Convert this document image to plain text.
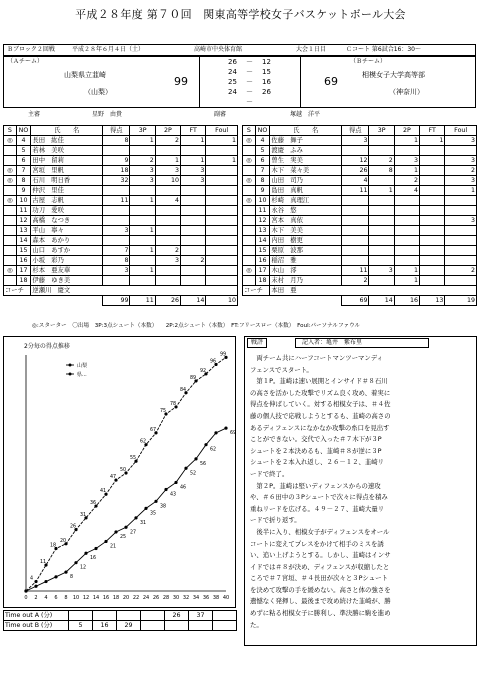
平成２８年度 第７０回　関東高等学校女子バスケットボール大会
Ｂブロック２回戦	平成２８年６月４日（土）	高崎市中央体育館	大会１日目	Ｃコート 第6試合16：30～
（Ａチーム）
山梨県立韮崎
（山梨）
99
26 － 12
24 － 15
25 － 16
24 － 26
－
69
（Ｂチーム）
相模女子大学高等部
（神奈川）
主審	星野　由貴	副審	塚越　洋平
S	NO	氏　　名	得点	3P	2P	FT	Foul
◎	4	長田　紘佳	8	1	2	1	1
	5	若林　美咲					
	6	田中　留莉	9	2	1	1	1
◎	7	宮垣　里帆	18	3	3	3	
◎	8	石川　明日香	32	3	10	3	
	9	仲沢　里佳					
◎	10	古屋　志帆	11	1	4		
	11	功刀　愛咲					
	12	高橋　なつき					
	13	平山　寧々	3	1			
	14	森本　あかり					
	15	山口　あすか	7	1	2		
	16	小坂　彩乃	8		3	2	
◎	17	杉本　亜友華	3	1			
	18	伊藤　ゆき美					
コーチ		逆瀬川　慶文					
			99	11	26	14	10
S	NO	氏　　名	得点	3P	2P	FT	Foul
◎	4	佐藤　舞子	3		1	1	3
	5	渡慶　ふみ					
◎	6	曽生　実美	12	2	3		3
	7	木下　菜々美	26	8	1		2
◎	8	山田　司乃	4		2		3
	9	島田　真帆	11	1	4		1
◎	10	杉崎　真理江					
	11	永谷　悠					
	12	宮本　真依					3
	13	木下　美美					
	14	内田　樹更					
	15	栗原　波那					
	16	稲沼　雅					
◎	17	木山　澪	11	3	1		2
	18	末村　月乃	2		1		
コーチ		本田　亜					
			69	14	16	13	19
◎:スターター　〇出場　3P:3点シュート（本数）　　2P:2点シュート（本数）　FT:フリースロー（本数）　Foul:パーソナルファウル
2分毎の得点推移
0 2 4 6 8 10 12 14 16 18 20 22 24 26 28 30 32 34 36 38 40
4
11
18
20
26
31
36
41
47
50
55
62
67
75
78
84
89
92
96
99
山梨
8
12
16
21
25
27
31
35
38
43
46
52
56
62
69
県...
Time out A (分)					26	37	
Time out B (分)	5	16	29				
戦評	記入者：亀井　紫布里
　両チーム共にハーフコートマンツーマンディ
フェンスでスタート。
　第１P。韮崎は速い展開とインサイド＃８石川
の高さを活かした攻撃でリズム良く攻め、着実に
得点を伸ばしていく。対する相模女子は、＃４佐
藤の個人技で応戦しようとするも、韮崎の高さの
あるディフェンスになかなか攻撃の糸口を見出す
ことができない。交代で入った＃７木下が３P
シュートを２本決めるも、韮崎＃８が逆に３P
シュートを２本入れ返し、２６－１２、韮崎リ
ードで終了。
　第２P。韮崎は堅いディフェンスからの速攻
や、＃６田中の３Pシュートで次々に得点を積み
重ねリードを広げる。４９－２７、韮崎大量リ
ードで折り返す。
　後半に入り、相模女子がディフェンスをオール
コートに変えてプレスをかけて相手のミスを誘
い、追い上げようとする。しかし、韮崎はインサ
イドでは＃８が決め、ディフェンスが収縮したと
ころで＃７宮垣、＃４長田が次々と３Pシュート
を決めて攻撃の手を緩めない。高さと体の強さを
遺憾なく発揮し、最後まで攻め続けた韮崎が、勝
めずに粘る相模女子に勝利し、準決勝に駒を進め
た。
